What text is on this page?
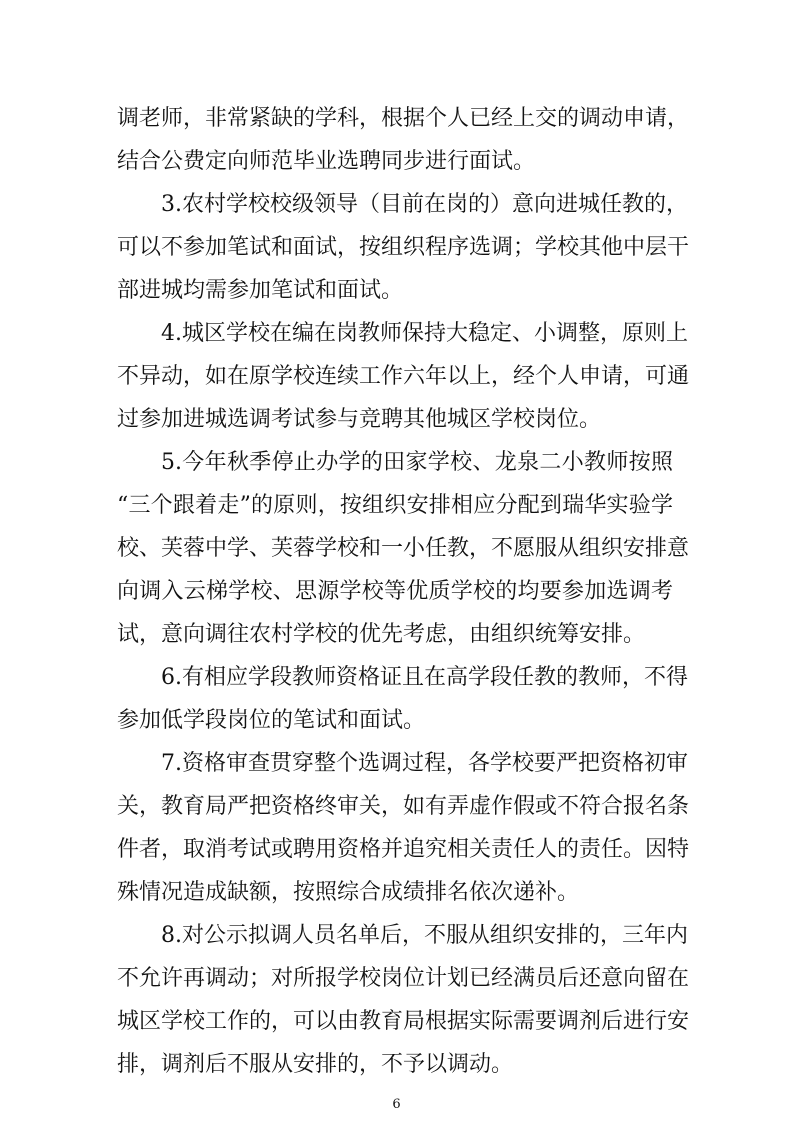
调老师，非常紧缺的学科，根据个人已经上交的调动申请，
结合公费定向师范毕业选聘同步进行面试。
3.农村学校校级领导（目前在岗的）意向进城任教的，
可以不参加笔试和面试，按组织程序选调；学校其他中层干
部进城均需参加笔试和面试。
4.城区学校在编在岗教师保持大稳定、小调整，原则上
不异动，如在原学校连续工作六年以上，经个人申请，可通
过参加进城选调考试参与竞聘其他城区学校岗位。
5.今年秋季停止办学的田家学校、龙泉二小教师按照
“三个跟着走”的原则，按组织安排相应分配到瑞华实验学
校、芙蓉中学、芙蓉学校和一小任教，不愿服从组织安排意
向调入云梯学校、思源学校等优质学校的均要参加选调考
试，意向调往农村学校的优先考虑，由组织统筹安排。
6.有相应学段教师资格证且在高学段任教的教师，不得
参加低学段岗位的笔试和面试。
7.资格审查贯穿整个选调过程，各学校要严把资格初审
关，教育局严把资格终审关，如有弄虚作假或不符合报名条
件者，取消考试或聘用资格并追究相关责任人的责任。因特
殊情况造成缺额，按照综合成绩排名依次递补。
8.对公示拟调人员名单后，不服从组织安排的，三年内
不允许再调动；对所报学校岗位计划已经满员后还意向留在
城区学校工作的，可以由教育局根据实际需要调剂后进行安
排，调剂后不服从安排的，不予以调动。
6
